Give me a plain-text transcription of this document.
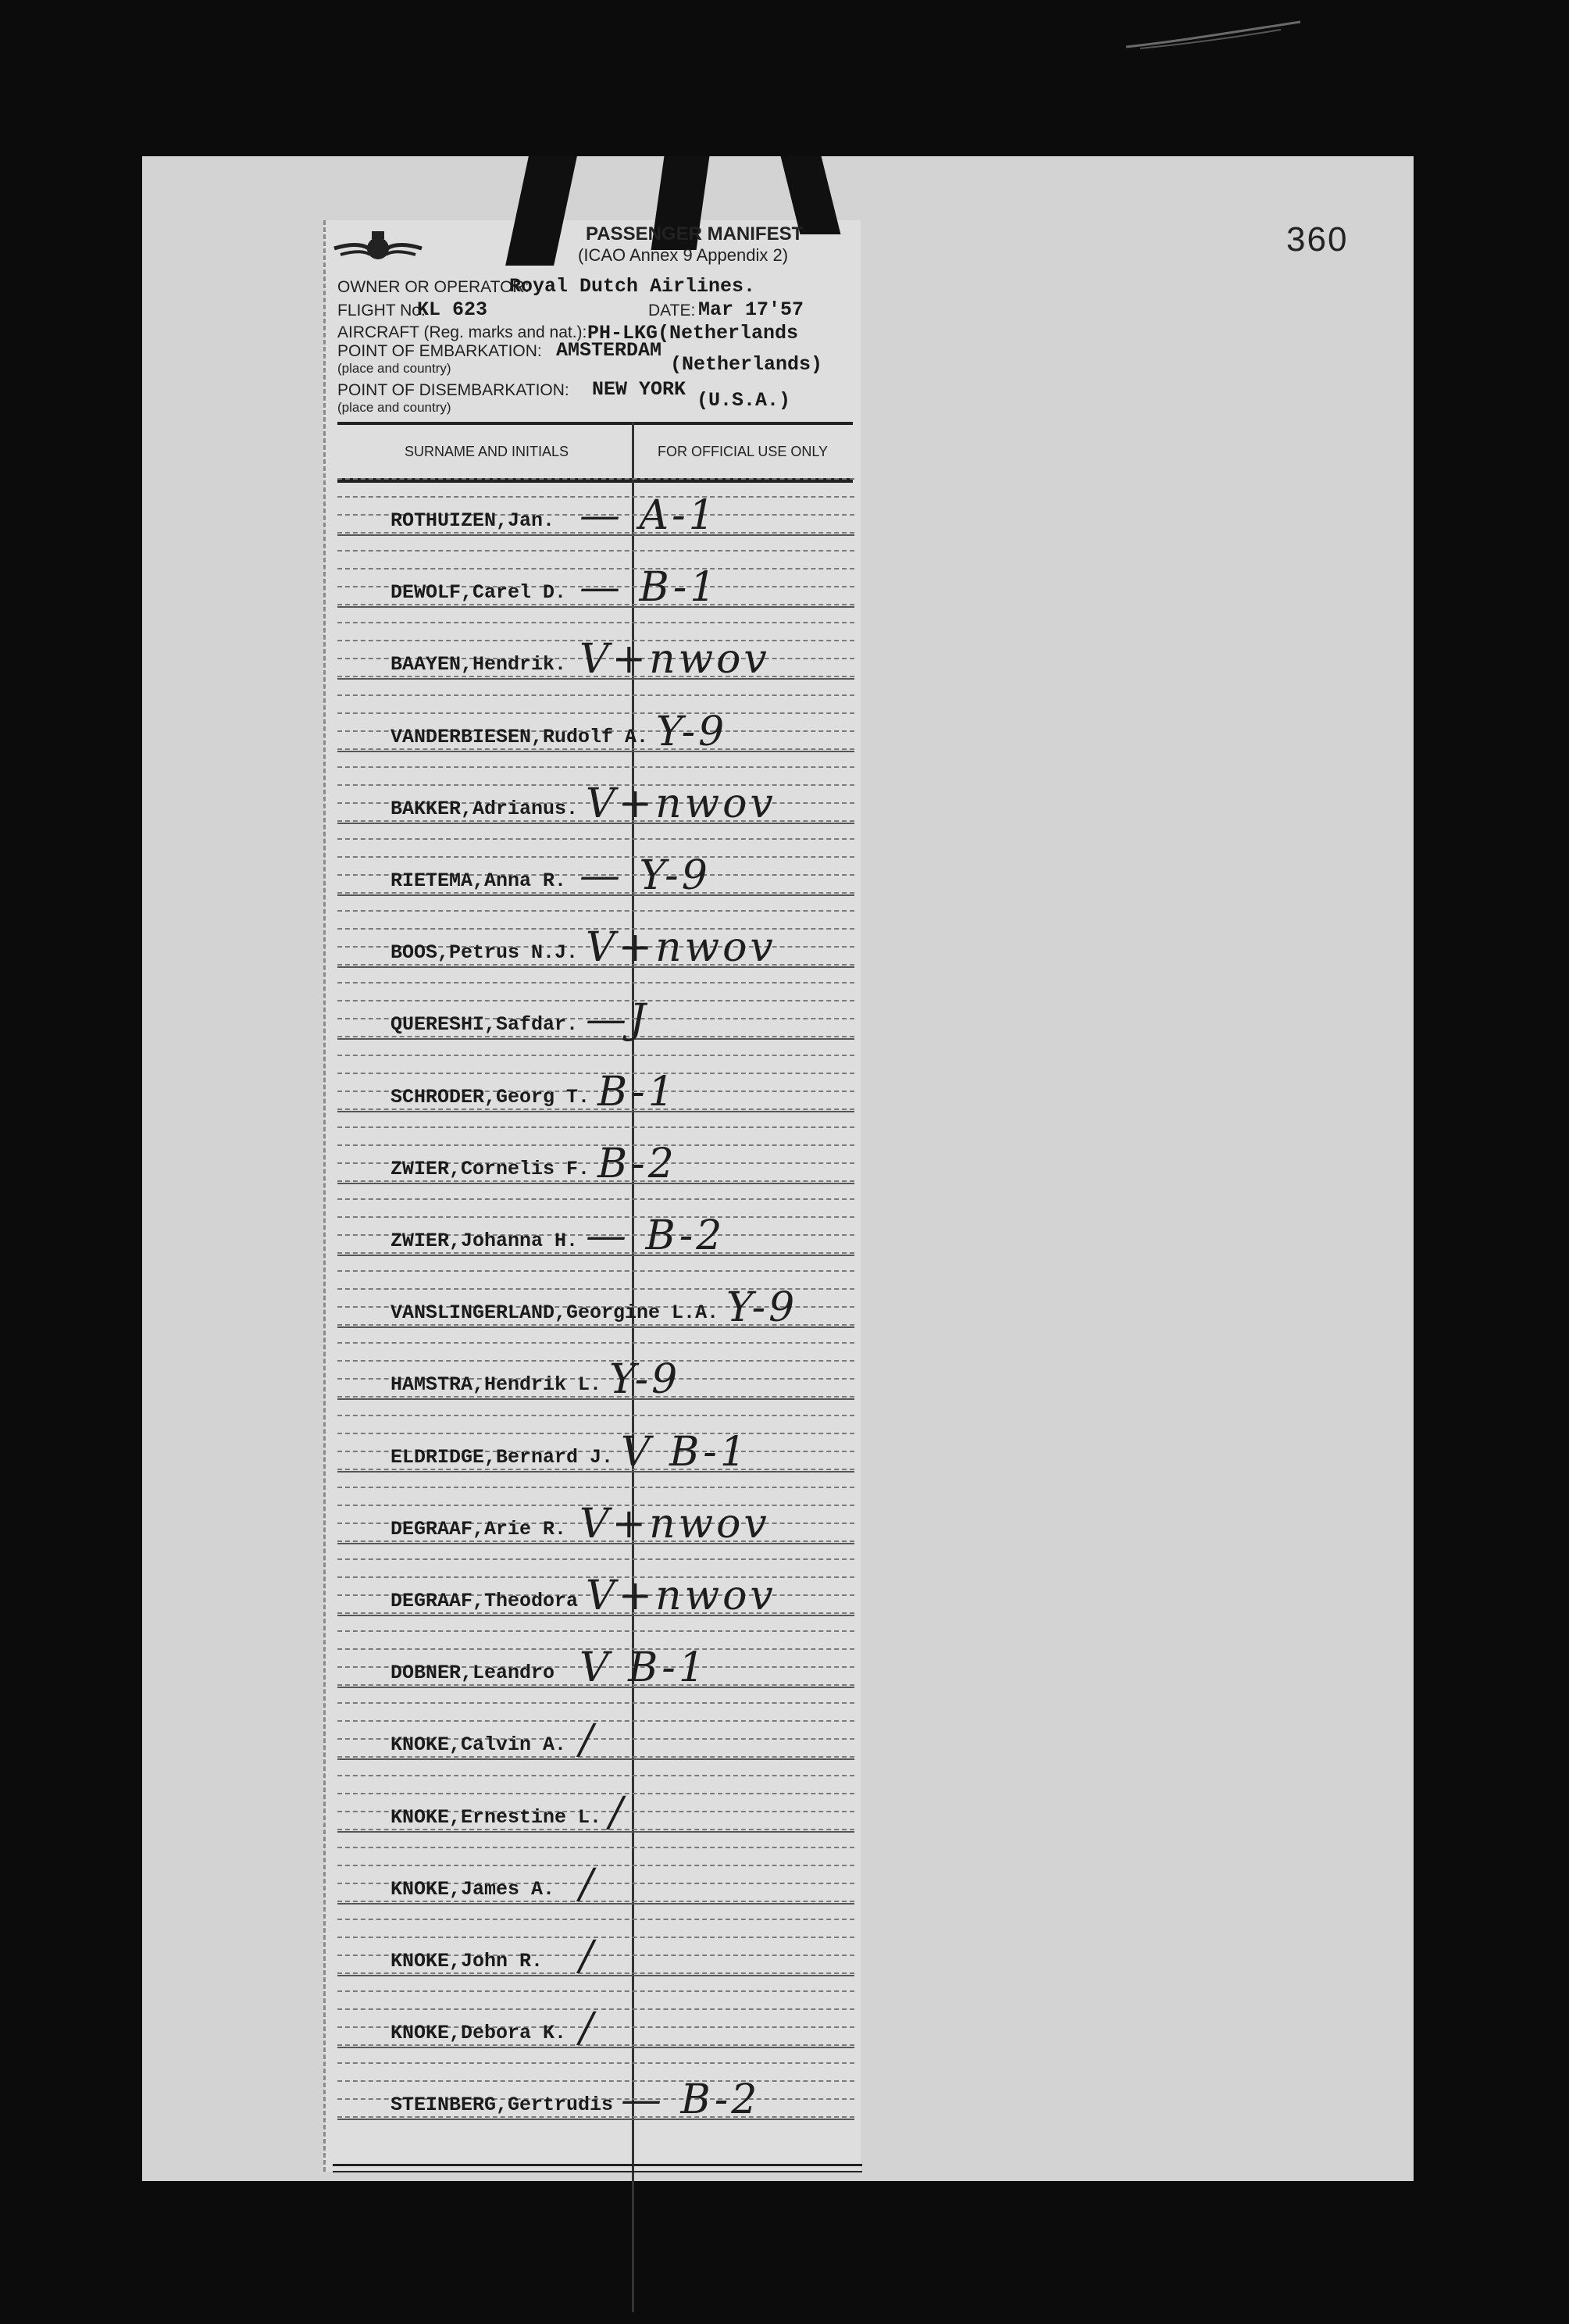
360
PASSENGER MANIFEST
(ICAO Annex 9 Appendix 2)
OWNER OR OPERATOR:
Royal Dutch Airlines.
FLIGHT No.
KL 623	DATE: Mar 17'57
AIRCRAFT (Reg. marks and nat.): PH-LKG(Netherlands
POINT OF EMBARKATION: AMSTERDAM
(Netherlands)
(place and country)
POINT OF DISEMBARKATION: NEW YORK (U.S.A.)
(place and country)
SURNAME AND INITIALS	FOR OFFICIAL USE ONLY
ROTHUIZEN,Jan. — A-1
DEWOLF,Carel D. — B-1
BAAYEN,Hendrik. V+nwov
VANDERBIESEN,Rudolf A. Y-9
BAKKER,Adrianus. V+nwov
RIETEMA,Anna R. — Y-9
BOOS,Petrus N.J. V+nwov
QUERESHI,Safdar. —J
SCHRODER,Georg T. B-1
ZWIER,Cornelis F. B-2
ZWIER,Johanna H. — B-2
VANSLINGERLAND,Georgine L.A. Y-9
HAMSTRA,Hendrik L. Y-9
ELDRIDGE,Bernard J. V B-1
DEGRAAF,Arie R. V+nwov
DEGRAAF,Theodora V+nwov
DOBNER,Leandro V B-1
KNOKE,Calvin A. /
KNOKE,Ernestine L. /
KNOKE,James A. /
KNOKE,John R. /
KNOKE,Debora K. /
STEINBERG,Gertrudis — B-2
